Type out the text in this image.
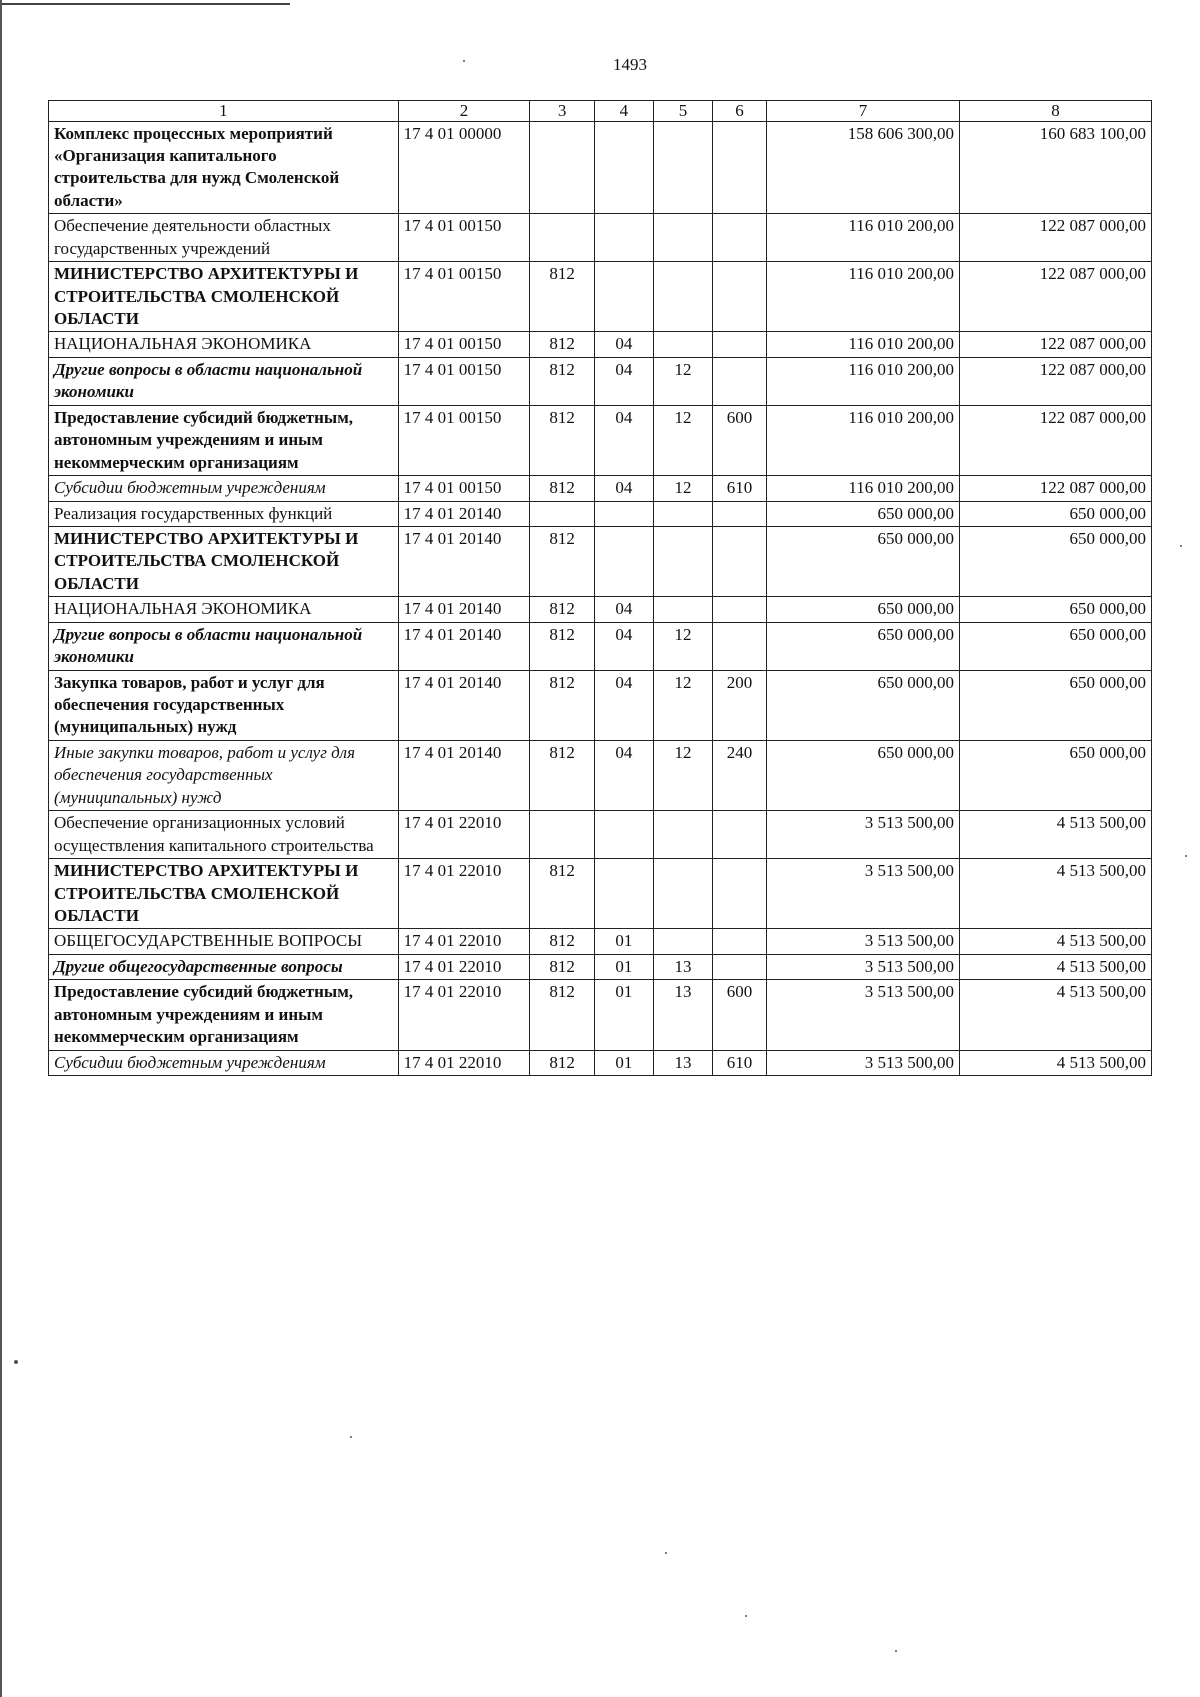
1493
1	2	3	4	5	6	7	8
Комплекс процессных мероприятий «Организация капитального строительства для нужд Смоленской области»	17 4 01 00000					158 606 300,00	160 683 100,00
Обеспечение деятельности областных государственных учреждений	17 4 01 00150					116 010 200,00	122 087 000,00
МИНИСТЕРСТВО АРХИТЕКТУРЫ И СТРОИТЕЛЬСТВА СМОЛЕНСКОЙ ОБЛАСТИ	17 4 01 00150	812				116 010 200,00	122 087 000,00
НАЦИОНАЛЬНАЯ ЭКОНОМИКА	17 4 01 00150	812	04			116 010 200,00	122 087 000,00
Другие вопросы в области национальной экономики	17 4 01 00150	812	04	12		116 010 200,00	122 087 000,00
Предоставление субсидий бюджетным, автономным учреждениям и иным некоммерческим организациям	17 4 01 00150	812	04	12	600	116 010 200,00	122 087 000,00
Субсидии бюджетным учреждениям	17 4 01 00150	812	04	12	610	116 010 200,00	122 087 000,00
Реализация государственных функций	17 4 01 20140					650 000,00	650 000,00
МИНИСТЕРСТВО АРХИТЕКТУРЫ И СТРОИТЕЛЬСТВА СМОЛЕНСКОЙ ОБЛАСТИ	17 4 01 20140	812				650 000,00	650 000,00
НАЦИОНАЛЬНАЯ ЭКОНОМИКА	17 4 01 20140	812	04			650 000,00	650 000,00
Другие вопросы в области национальной экономики	17 4 01 20140	812	04	12		650 000,00	650 000,00
Закупка товаров, работ и услуг для обеспечения государственных (муниципальных) нужд	17 4 01 20140	812	04	12	200	650 000,00	650 000,00
Иные закупки товаров, работ и услуг для обеспечения государственных (муниципальных) нужд	17 4 01 20140	812	04	12	240	650 000,00	650 000,00
Обеспечение организационных условий осуществления капитального строительства	17 4 01 22010					3 513 500,00	4 513 500,00
МИНИСТЕРСТВО АРХИТЕКТУРЫ И СТРОИТЕЛЬСТВА СМОЛЕНСКОЙ ОБЛАСТИ	17 4 01 22010	812				3 513 500,00	4 513 500,00
ОБЩЕГОСУДАРСТВЕННЫЕ ВОПРОСЫ	17 4 01 22010	812	01			3 513 500,00	4 513 500,00
Другие общегосударственные вопросы	17 4 01 22010	812	01	13		3 513 500,00	4 513 500,00
Предоставление субсидий бюджетным, автономным учреждениям и иным некоммерческим организациям	17 4 01 22010	812	01	13	600	3 513 500,00	4 513 500,00
Субсидии бюджетным учреждениям	17 4 01 22010	812	01	13	610	3 513 500,00	4 513 500,00
